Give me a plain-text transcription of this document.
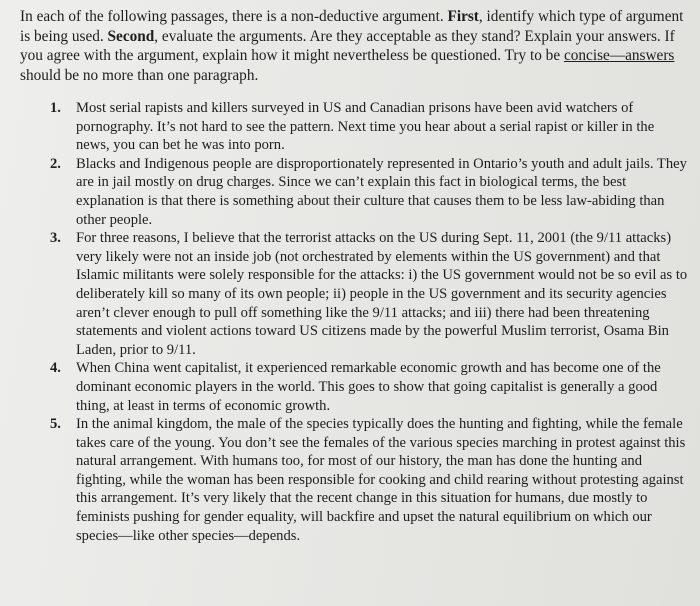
In each of the following passages, there is a non-deductive argument. First, identify which type of argument is being used. Second, evaluate the arguments. Are they acceptable as they stand? Explain your answers. If you agree with the argument, explain how it might nevertheless be questioned. Try to be concise—answers should be no more than one paragraph.

1. Most serial rapists and killers surveyed in US and Canadian prisons have been avid watchers of pornography. It’s not hard to see the pattern. Next time you hear about a serial rapist or killer in the news, you can bet he was into porn.
2. Blacks and Indigenous people are disproportionately represented in Ontario’s youth and adult jails. They are in jail mostly on drug charges. Since we can’t explain this fact in biological terms, the best explanation is that there is something about their culture that causes them to be less law-abiding than other people.
3. For three reasons, I believe that the terrorist attacks on the US during Sept. 11, 2001 (the 9/11 attacks) very likely were not an inside job (not orchestrated by elements within the US government) and that Islamic militants were solely responsible for the attacks: i) the US government would not be so evil as to deliberately kill so many of its own people; ii) people in the US government and its security agencies aren’t clever enough to pull off something like the 9/11 attacks; and iii) there had been threatening statements and violent actions toward US citizens made by the powerful Muslim terrorist, Osama Bin Laden, prior to 9/11.
4. When China went capitalist, it experienced remarkable economic growth and has become one of the dominant economic players in the world. This goes to show that going capitalist is generally a good thing, at least in terms of economic growth.
5. In the animal kingdom, the male of the species typically does the hunting and fighting, while the female takes care of the young. You don’t see the females of the various species marching in protest against this natural arrangement. With humans too, for most of our history, the man has done the hunting and fighting, while the woman has been responsible for cooking and child rearing without protesting against this arrangement. It’s very likely that the recent change in this situation for humans, due mostly to feminists pushing for gender equality, will backfire and upset the natural equilibrium on which our species—like other species—depends.
